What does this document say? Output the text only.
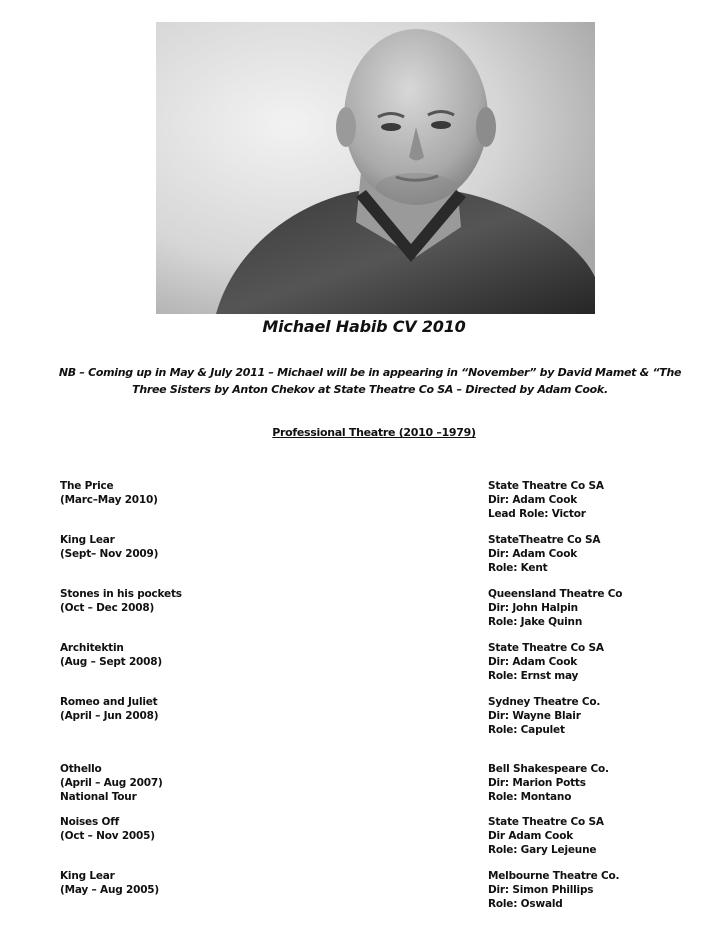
Michael Habib CV 2010
NB – Coming up in May & July 2011 – Michael will be in appearing in “November” by David Mamet & “The Three Sisters by Anton Chekov at State Theatre Co SA – Directed by Adam Cook.
Professional Theatre (2010 –1979)
The Price
(Marc–May 2010)
State Theatre Co SA
Dir: Adam Cook
Lead Role: Victor
King Lear
(Sept– Nov 2009)
StateTheatre Co SA
Dir: Adam Cook
Role: Kent
Stones in his pockets
(Oct – Dec 2008)
Queensland Theatre Co
Dir: John Halpin
Role: Jake Quinn
Architektin
(Aug – Sept 2008)
State Theatre Co SA
Dir: Adam Cook
Role: Ernst may
Romeo and Juliet
(April – Jun 2008)
Sydney Theatre Co.
Dir: Wayne Blair
Role: Capulet
Othello
(April – Aug 2007)
National Tour
Bell Shakespeare Co.
Dir: Marion Potts
Role: Montano
Noises Off
(Oct – Nov 2005)
State Theatre Co SA
Dir Adam Cook
Role: Gary Lejeune
King Lear
(May – Aug 2005)
Melbourne Theatre Co.
Dir: Simon Phillips
Role: Oswald
